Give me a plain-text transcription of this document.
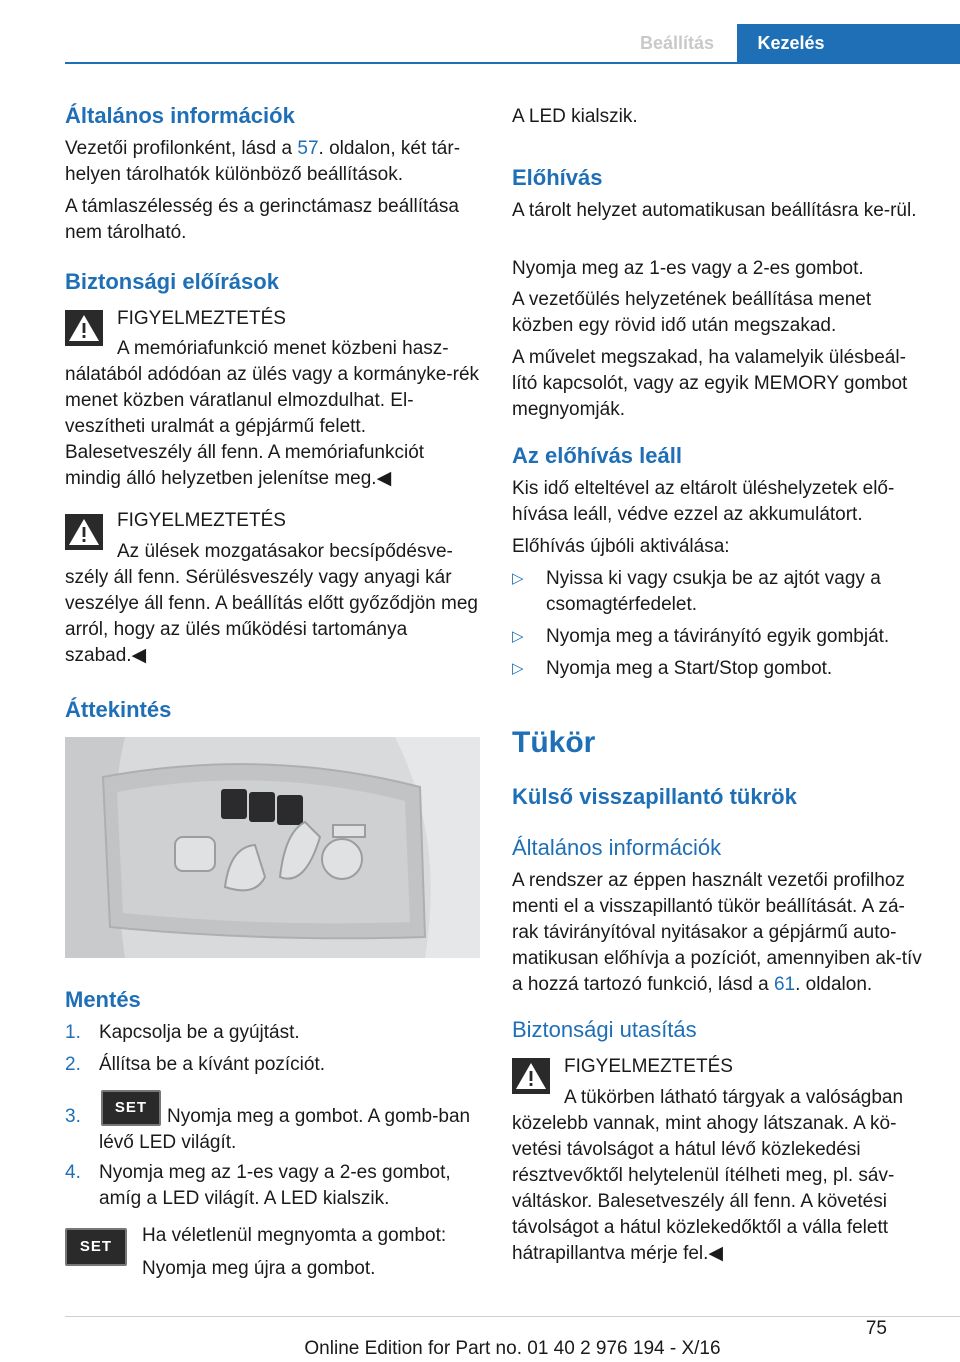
Beállítás	Kezelés
Általános információk

Vezetői profilonként, lásd a 57. oldalon, két tár-helyen tárolhatók különböző beállítások.

A támlaszélesség és a gerinctámasz beállítása nem tárolható.

Biztonsági előírások

FIGYELMEZTETÉS

A memóriafunkció menet közbeni hasz-nálatából adódóan az ülés vagy a kormányke-rék menet közben váratlanul elmozdulhat. El-veszítheti uralmát a gépjármű felett. Balesetveszély áll fenn. A memóriafunkciót mindig álló helyzetben jelenítse meg.◀

FIGYELMEZTETÉS

Az ülések mozgatásakor becsípődésve-szély áll fenn. Sérülésveszély vagy anyagi kár veszélye áll fenn. A beállítás előtt győződjön meg arról, hogy az ülés működési tartománya szabad.◀

Áttekintés
Mentés
1. Kapcsolja be a gyújtást.
2. Állítsa be a kívánt pozíciót.
3.	SET	Nyomja meg a gombot. A gomb-ban lévő LED világít.
4. Nyomja meg az 1-es vagy a 2-es gombot, amíg a LED világít. A LED kialszik.
SET

Ha véletlenül megnyomta a gombot:

Nyomja meg újra a gombot.

A LED kialszik.

Előhívás

A tárolt helyzet automatikusan beállításra ke-rül.

Nyomja meg az 1-es vagy a 2-es gombot.

A vezetőülés helyzetének beállítása menet közben egy rövid idő után megszakad.

A művelet megszakad, ha valamelyik ülésbeál-lító kapcsolót, vagy az egyik MEMORY gombot megnyomják.

Az előhívás leáll

Kis idő elteltével az eltárolt üléshelyzetek elő-hívása leáll, védve ezzel az akkumulátort.

Előhívás újbóli aktiválása:

▷ Nyissa ki vagy csukja be az ajtót vagy a csomagtérfedelet.
▷ Nyomja meg a távirányító egyik gombját.
▷ Nyomja meg a Start/Stop gombot.
Tükör
Külső visszapillantó tükrök
Általános információk

A rendszer az éppen használt vezetői profilhoz menti el a visszapillantó tükör beállítását. A zá-rak távirányítóval nyitásakor a gépjármű auto-matikusan előhívja a pozíciót, amennyiben ak-tív a hozzá tartozó funkció, lásd a 61. oldalon.

Biztonsági utasítás

FIGYELMEZTETÉS

A tükörben látható tárgyak a valóságban közelebb vannak, mint ahogy látszanak. A kö-vetési távolságot a hátul lévő közlekedési résztvevőktől helytelenül ítélheti meg, pl. sáv-váltáskor. Balesetveszély áll fenn. A követési távolságot a hátul közlekedőktől a válla felett hátrapillantva mérje fel.◀

75
Online Edition for Part no. 01 40 2 976 194 - X/16
